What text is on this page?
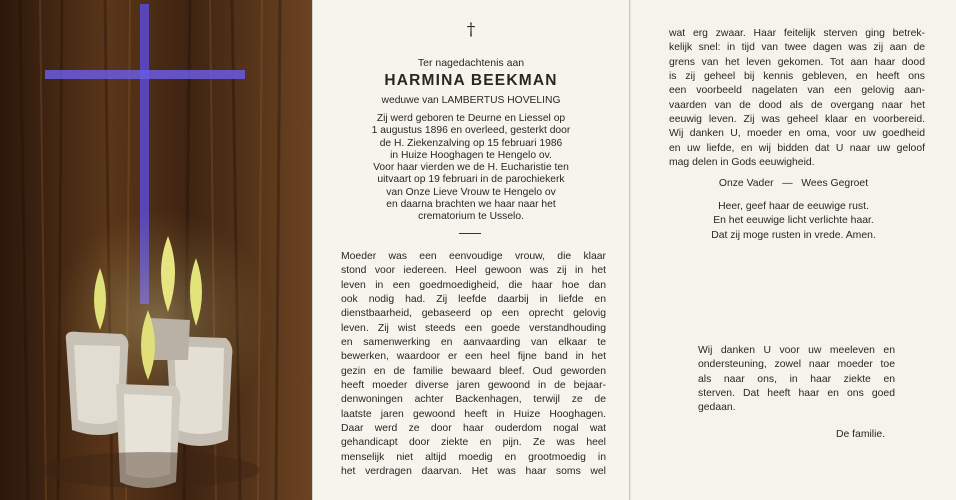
†
Ter nagedachtenis aan
HARMINA BEEKMAN
weduwe van LAMBERTUS HOVELING
Zij werd geboren te Deurne en Liessel op
1 augustus 1896 en overleed, gesterkt door
de H. Ziekenzalving op 15 februari 1986
in Huize Hooghagen te Hengelo ov.
Voor haar vierden we de H. Eucharistie ten
uitvaart op 19 februari in de parochiekerk
van Onze Lieve Vrouw te Hengelo ov
en daarna brachten we haar naar het
crematorium te Usselo.
Moeder was een eenvoudige vrouw, die klaar
stond voor iedereen. Heel gewoon was zij in het
leven in een goedmoedigheid, die haar hoe dan
ook nodig had. Zij leefde daarbij in liefde en
dienstbaarheid, gebaseerd op een oprecht gelovig
leven. Zij wist steeds een goede verstandhouding
en samenwerking en aanvaarding van elkaar te
bewerken, waardoor er een heel fijne band in het
gezin en de familie bewaard bleef. Oud geworden
heeft moeder diverse jaren gewoond in de bejaar-
denwoningen achter Backenhagen, terwijl ze de
laatste jaren gewoond heeft in Huize Hooghagen.
Daar werd ze door haar ouderdom nogal wat
gehandicapt door ziekte en pijn. Ze was heel
menselijk niet altijd moedig en grootmoedig in
het verdragen daarvan. Het was haar soms wel
wat erg zwaar. Haar feitelijk sterven ging betrek-
kelijk snel: in tijd van twee dagen was zij aan de
grens van het leven gekomen. Tot aan haar dood
is zij geheel bij kennis gebleven, en heeft ons
een voorbeeld nagelaten van een gelovig aan-
vaarden van de dood als de overgang naar het
eeuwig leven. Zij was geheel klaar en voorbereid.
Wij danken U, moeder en oma, voor uw goedheid
en uw liefde, en wij bidden dat U naar uw geloof
mag delen in Gods eeuwigheid.
Onze Vader — Wees Gegroet
Heer, geef haar de eeuwige rust.
En het eeuwige licht verlichte haar.
Dat zij moge rusten in vrede. Amen.
Wij danken U voor uw meeleven en
ondersteuning, zowel naar moeder toe
als naar ons, in haar ziekte en
sterven. Dat heeft haar en ons goed
gedaan.
De familie.
